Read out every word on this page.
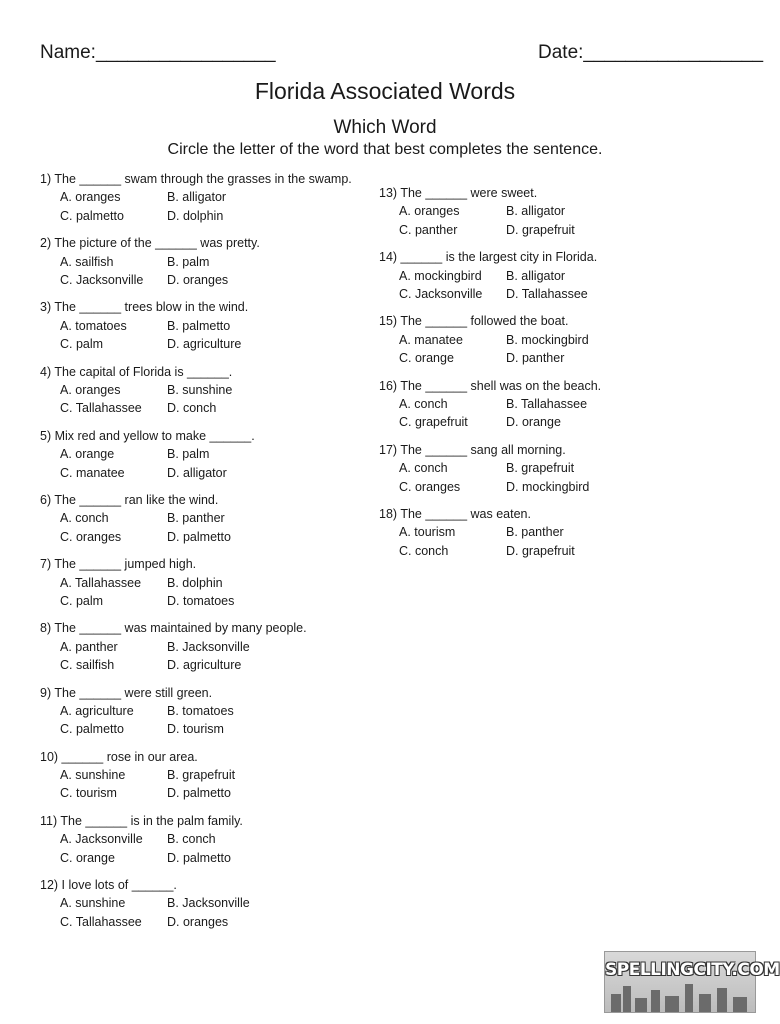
Name:_________________	Date:_________________
Florida Associated Words
Which Word
Circle the letter of the word that best completes the sentence.
1) The ______ swam through the grasses in the swamp.
A. oranges	B. alligator
C. palmetto	D. dolphin
2) The picture of the ______ was pretty.
A. sailfish	B. palm
C. Jacksonville	D. oranges
3) The ______ trees blow in the wind.
A. tomatoes	B. palmetto
C. palm	D. agriculture
4) The capital of Florida is ______.
A. oranges	B. sunshine
C. Tallahassee	D. conch
5) Mix red and yellow to make ______.
A. orange	B. palm
C. manatee	D. alligator
6) The ______ ran like the wind.
A. conch	B. panther
C. oranges	D. palmetto
7) The ______ jumped high.
A. Tallahassee	B. dolphin
C. palm	D. tomatoes
8) The ______ was maintained by many people.
A. panther	B. Jacksonville
C. sailfish	D. agriculture
9) The ______ were still green.
A. agriculture	B. tomatoes
C. palmetto	D. tourism
10) ______ rose in our area.
A. sunshine	B. grapefruit
C. tourism	D. palmetto
11) The ______ is in the palm family.
A. Jacksonville	B. conch
C. orange	D. palmetto
12) I love lots of ______.
A. sunshine	B. Jacksonville
C. Tallahassee	D. oranges
13) The ______ were sweet.
A. oranges	B. alligator
C. panther	D. grapefruit
14) ______ is the largest city in Florida.
A. mockingbird	B. alligator
C. Jacksonville	D. Tallahassee
15) The ______ followed the boat.
A. manatee	B. mockingbird
C. orange	D. panther
16) The ______ shell was on the beach.
A. conch	B. Tallahassee
C. grapefruit	D. orange
17) The ______ sang all morning.
A. conch	B. grapefruit
C. oranges	D. mockingbird
18) The ______ was eaten.
A. tourism	B. panther
C. conch	D. grapefruit
SPELLINGCITY.COM
